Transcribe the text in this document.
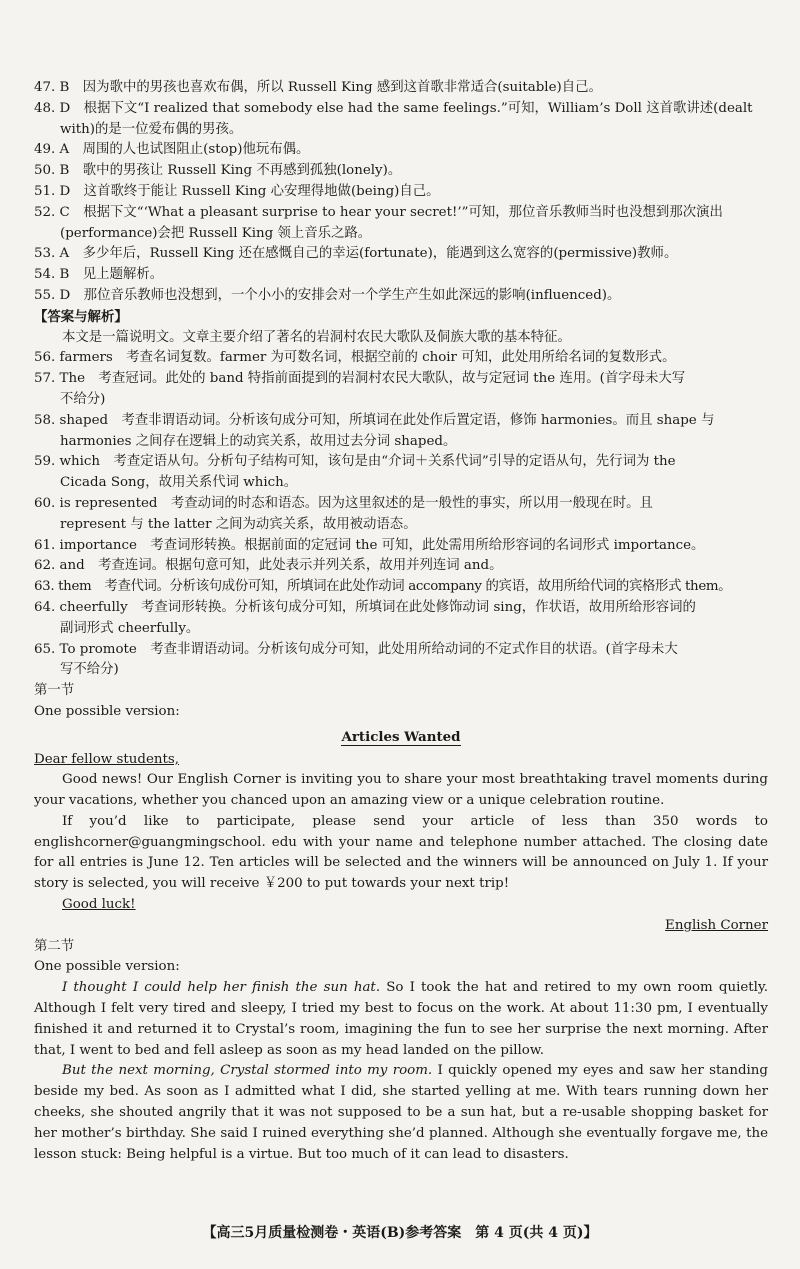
47. B　因为歌中的男孩也喜欢布偶，所以 Russell King 感到这首歌非常适合(suitable)自己。
48. D　根据下文“I realized that somebody else had the same feelings.”可知，William’s Doll 这首歌讲述(dealt
with)的是一位爱布偶的男孩。
49. A　周围的人也试图阻止(stop)他玩布偶。
50. B　歌中的男孩让 Russell King 不再感到孤独(lonely)。
51. D　这首歌终于能让 Russell King 心安理得地做(being)自己。
52. C　根据下文“‘What a pleasant surprise to hear your secret!’”可知，那位音乐教师当时也没想到那次演出
(performance)会把 Russell King 领上音乐之路。
53. A　多少年后，Russell King 还在感慨自己的幸运(fortunate)，能遇到这么宽容的(permissive)教师。
54. B　见上题解析。
55. D　那位音乐教师也没想到，一个小小的安排会对一个学生产生如此深远的影响(influenced)。
【答案与解析】
本文是一篇说明文。文章主要介绍了著名的岩洞村农民大歌队及侗族大歌的基本特征。
56. farmers　考查名词复数。farmer 为可数名词，根据空前的 choir 可知，此处用所给名词的复数形式。
57. The　考查冠词。此处的 band 特指前面提到的岩洞村农民大歌队，故与定冠词 the 连用。(首字母未大写
不给分)
58. shaped　考查非谓语动词。分析该句成分可知，所填词在此处作后置定语，修饰 harmonies。而且 shape 与
harmonies 之间存在逻辑上的动宾关系，故用过去分词 shaped。
59. which　考查定语从句。分析句子结构可知，该句是由“介词＋关系代词”引导的定语从句，先行词为 the
Cicada Song，故用关系代词 which。
60. is represented　考查动词的时态和语态。因为这里叙述的是一般性的事实，所以用一般现在时。且
represent 与 the latter 之间为动宾关系，故用被动语态。
61. importance　考查词形转换。根据前面的定冠词 the 可知，此处需用所给形容词的名词形式 importance。
62. and　考查连词。根据句意可知，此处表示并列关系，故用并列连词 and。
63. them　考查代词。分析该句成份可知，所填词在此处作动词 accompany 的宾语，故用所给代词的宾格形式 them。
64. cheerfully　考查词形转换。分析该句成分可知，所填词在此处修饰动词 sing，作状语，故用所给形容词的
副词形式 cheerfully。
65. To promote　考查非谓语动词。分析该句成分可知，此处用所给动词的不定式作目的状语。(首字母未大
写不给分)
第一节
One possible version:
Articles Wanted
Dear fellow students,
Good news! Our English Corner is inviting you to share your most breathtaking travel moments during your vacations, whether you chanced upon an amazing view or a unique celebration routine.
If you’d like to participate, please send your article of less than 350 words to englishcorner@guangmingschool. edu with your name and telephone number attached. The closing date for all entries is June 12. Ten articles will be selected and the winners will be announced on July 1. If your story is selected, you will receive ￥200 to put towards your next trip!
Good luck!
English Corner
第二节
One possible version:
I thought I could help her finish the sun hat. So I took the hat and retired to my own room quietly. Although I felt very tired and sleepy, I tried my best to focus on the work. At about 11:30 pm, I eventually finished it and returned it to Crystal’s room, imagining the fun to see her surprise the next morning. After that, I went to bed and fell asleep as soon as my head landed on the pillow.
But the next morning, Crystal stormed into my room. I quickly opened my eyes and saw her standing beside my bed. As soon as I admitted what I did, she started yelling at me. With tears running down her cheeks, she shouted angrily that it was not supposed to be a sun hat, but a re-usable shopping basket for her mother’s birthday. She said I ruined everything she’d planned. Although she eventually forgave me, the lesson stuck: Being helpful is a virtue. But too much of it can lead to disasters.
【高三5月质量检测卷・英语(B)参考答案　第 4 页(共 4 页)】
